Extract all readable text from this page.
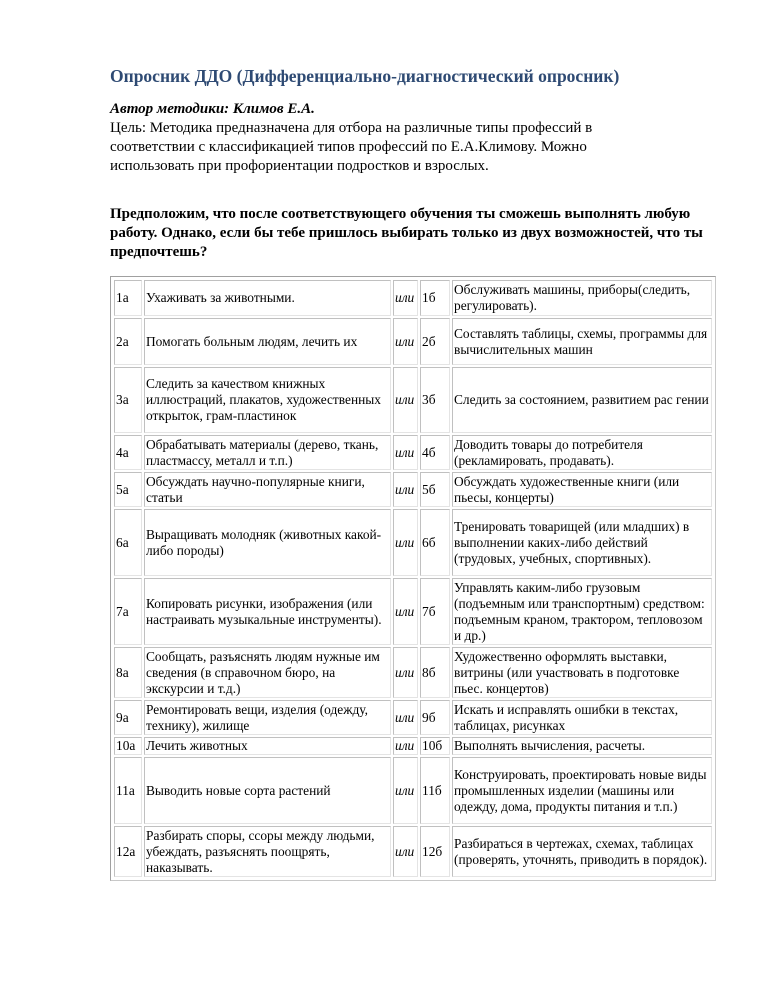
Опросник ДДО (Дифференциально-диагностический опросник)

Автор методики: Климов Е.А.

Цель: Методика предназначена для отбора на различные типы профессий в соответствии с классификацией типов профессий по Е.А.Климову. Можно использовать при профориентации подростков и взрослых.

Предположим, что после соответствующего обучения ты сможешь выполнять любую работу. Однако, если бы тебе пришлось выбирать только из двух возможностей, что ты предпочтешь?

1а	Ухаживать за животными.	или	1б	Обслуживать машины, приборы(следить, регулировать).
2а	Помогать больным людям, лечить их	или	2б	Составлять таблицы, схемы, программы для вычислительных машин
3а	Следить за качеством книжных иллюстраций, плакатов, художественных открыток, грам-пластинок	или	3б	Следить за состоянием, развитием рас гении
4а	Обрабатывать материалы (дерево, ткань, пластмассу, металл и т.п.)	или	4б	Доводить товары до потребителя (рекламировать, продавать).
5а	Обсуждать научно-популярные книги, статьи	или	5б	Обсуждать художественные книги (или пьесы, концерты)
6а	Выращивать молодняк (животных какой-либо породы)	или	6б	Тренировать товарищей (или младших) в выполнении каких-либо действий (трудовых, учебных, спортивных).
7а	Копировать рисунки, изображения (или настраивать музыкальные инструменты).	или	7б	Управлять каким-либо грузовым (подъемным или транспортным) средством: подъемным краном, трактором, тепловозом и др.)
8а	Сообщать, разъяснять людям нужные им сведения (в справочном бюро, на экскурсии и т.д.)	или	8б	Художественно оформлять выставки, витрины (или участвовать в подготовке пьес. концертов)
9а	Ремонтировать вещи, изделия (одежду, технику), жилище	или	9б	Искать и исправлять ошибки в текстах, таблицах, рисунках
10а	Лечить животных	или	10б	Выполнять вычисления, расчеты.
11а	Выводить новые сорта растений	или	11б	Конструировать, проектировать новые виды промышленных изделии (машины или одежду, дома, продукты питания и т.п.)
12а	Разбирать споры, ссоры между людьми, убеждать, разъяснять поощрять, наказывать.	или	12б	Разбираться в чертежах, схемах, таблицах (проверять, уточнять, приводить в порядок).
